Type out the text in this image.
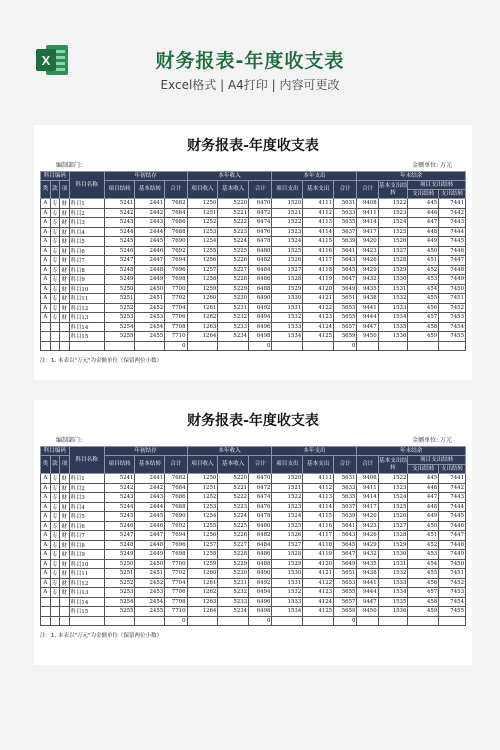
X	财务报表-年度收支表
Excel格式 | A4打印 | 内容可更改
财务报表-年度收支表
编制部门:	金额单位: 万元
科目编码			科目名称	年初结存			本年收入			本年支出			年末结余			
类	款	项		项目结转	基本结转	合计	项目收入	基本收入	合计	项目支出	基本支出	合计	合计	基本支出结转	项目支出结转	
															支出结转	支出结转
A	专	财	科目1	5241	2441	7682	1250	5220	6470	1520	4111	5631	9408	1522	445	7441
A	专	财	科目2	5242	2442	7684	1251	5221	6472	1521	4112	5633	9411	1523	446	7442
A	专	财	科目3	5243	2443	7686	1252	5222	6474	1522	4113	5635	9414	1524	447	7443
A	专	财	科目4	5244	2444	7688	1253	5223	6476	1523	4114	5637	9417	1525	448	7444
A	专	财	科目5	5245	2445	7690	1254	5224	6478	1524	4115	5639	9420	1526	449	7445
A	专	财	科目6	5246	2446	7692	1255	5225	6480	1525	4116	5641	9423	1527	450	7446
A	专	财	科目7	5247	2447	7694	1256	5226	6482	1526	4117	5643	9426	1528	451	7447
A	专	财	科目8	5248	2448	7696	1257	5227	6484	1527	4118	5645	9429	1529	452	7448
A	专	财	科目9	5249	2449	7698	1258	5228	6486	1528	4119	5647	9432	1530	453	7449
A	专	财	科目10	5250	2450	7700	1259	5229	6488	1529	4120	5649	9435	1531	454	7450
A	专	财	科目11	5251	2451	7702	1260	5230	6490	1530	4121	5651	9438	1532	455	7451
A	专	财	科目12	5252	2452	7704	1261	5231	6492	1531	4122	5653	9441	1533	456	7452
A	专	财	科目13	5253	2453	7706	1262	5232	6494	1532	4123	5655	9444	1534	457	7453
			科目14	5254	2454	7708	1263	5233	6496	1533	4124	5657	9447	1535	458	7454
			科目15	5255	2455	7710	1264	5234	6498	1534	4125	5659	9450	1536	459	7455
						0			0			0				
注：1. 本表以"万元"为金额单位（保留两位小数）
财务报表-年度收支表
编制部门:	金额单位: 万元
科目编码			科目名称	年初结存			本年收入			本年支出			年末结余			
类	款	项		项目结转	基本结转	合计	项目收入	基本收入	合计	项目支出	基本支出	合计	合计	基本支出结转	项目支出结转	
															支出结转	支出结转
A	专	财	科目1	5241	2441	7682	1250	5220	6470	1520	4111	5631	9408	1522	445	7441
A	专	财	科目2	5242	2442	7684	1251	5221	6472	1521	4112	5633	9411	1523	446	7442
A	专	财	科目3	5243	2443	7686	1252	5222	6474	1522	4113	5635	9414	1524	447	7443
A	专	财	科目4	5244	2444	7688	1253	5223	6476	1523	4114	5637	9417	1525	448	7444
A	专	财	科目5	5245	2445	7690	1254	5224	6478	1524	4115	5639	9420	1526	449	7445
A	专	财	科目6	5246	2446	7692	1255	5225	6480	1525	4116	5641	9423	1527	450	7446
A	专	财	科目7	5247	2447	7694	1256	5226	6482	1526	4117	5643	9426	1528	451	7447
A	专	财	科目8	5248	2448	7696	1257	5227	6484	1527	4118	5645	9429	1529	452	7448
A	专	财	科目9	5249	2449	7698	1258	5228	6486	1528	4119	5647	9432	1530	453	7449
A	专	财	科目10	5250	2450	7700	1259	5229	6488	1529	4120	5649	9435	1531	454	7450
A	专	财	科目11	5251	2451	7702	1260	5230	6490	1530	4121	5651	9438	1532	455	7451
A	专	财	科目12	5252	2452	7704	1261	5231	6492	1531	4122	5653	9441	1533	456	7452
A	专	财	科目13	5253	2453	7706	1262	5232	6494	1532	4123	5655	9444	1534	457	7453
			科目14	5254	2454	7708	1263	5233	6496	1533	4124	5657	9447	1535	458	7454
			科目15	5255	2455	7710	1264	5234	6498	1534	4125	5659	9450	1536	459	7455
						0			0			0				
注：1. 本表以"万元"为金额单位（保留两位小数）
